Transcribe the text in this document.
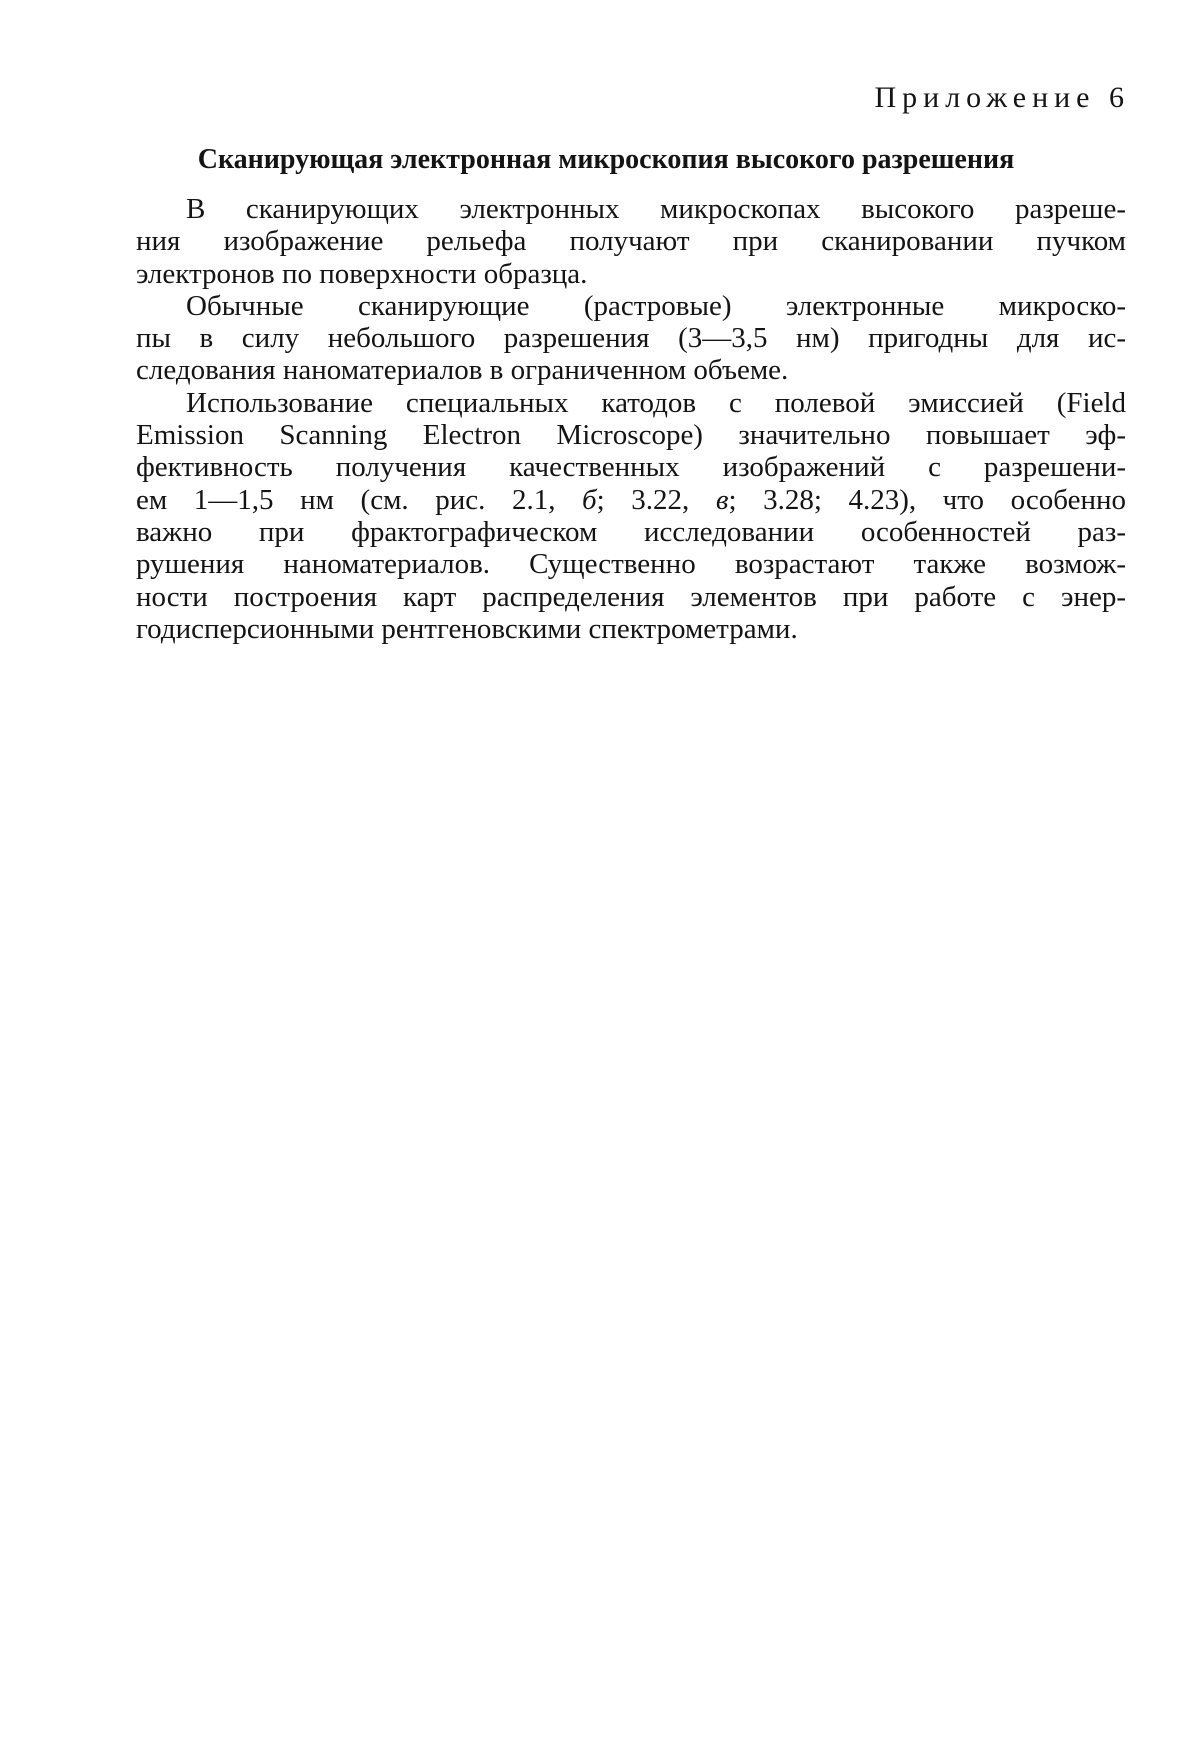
Приложение 6
Сканирующая электронная микроскопия высокого разрешения
В сканирующих электронных микроскопах высокого разреше-
ния изображение рельефа получают при сканировании пучком
электронов по поверхности образца.
Обычные сканирующие (растровые) электронные микроско-
пы в силу небольшого разрешения (3—3,5 нм) пригодны для ис-
следования наноматериалов в ограниченном объеме.
Использование специальных катодов с полевой эмиссией (Field
Emission Scanning Electron Microscope) значительно повышает эф-
фективность получения качественных изображений с разрешени-
ем 1—1,5 нм (см. рис. 2.1, б; 3.22, в; 3.28; 4.23), что особенно
важно при фрактографическом исследовании особенностей раз-
рушения наноматериалов. Существенно возрастают также возмож-
ности построения карт распределения элементов при работе с энер-
годисперсионными рентгеновскими спектрометрами.
